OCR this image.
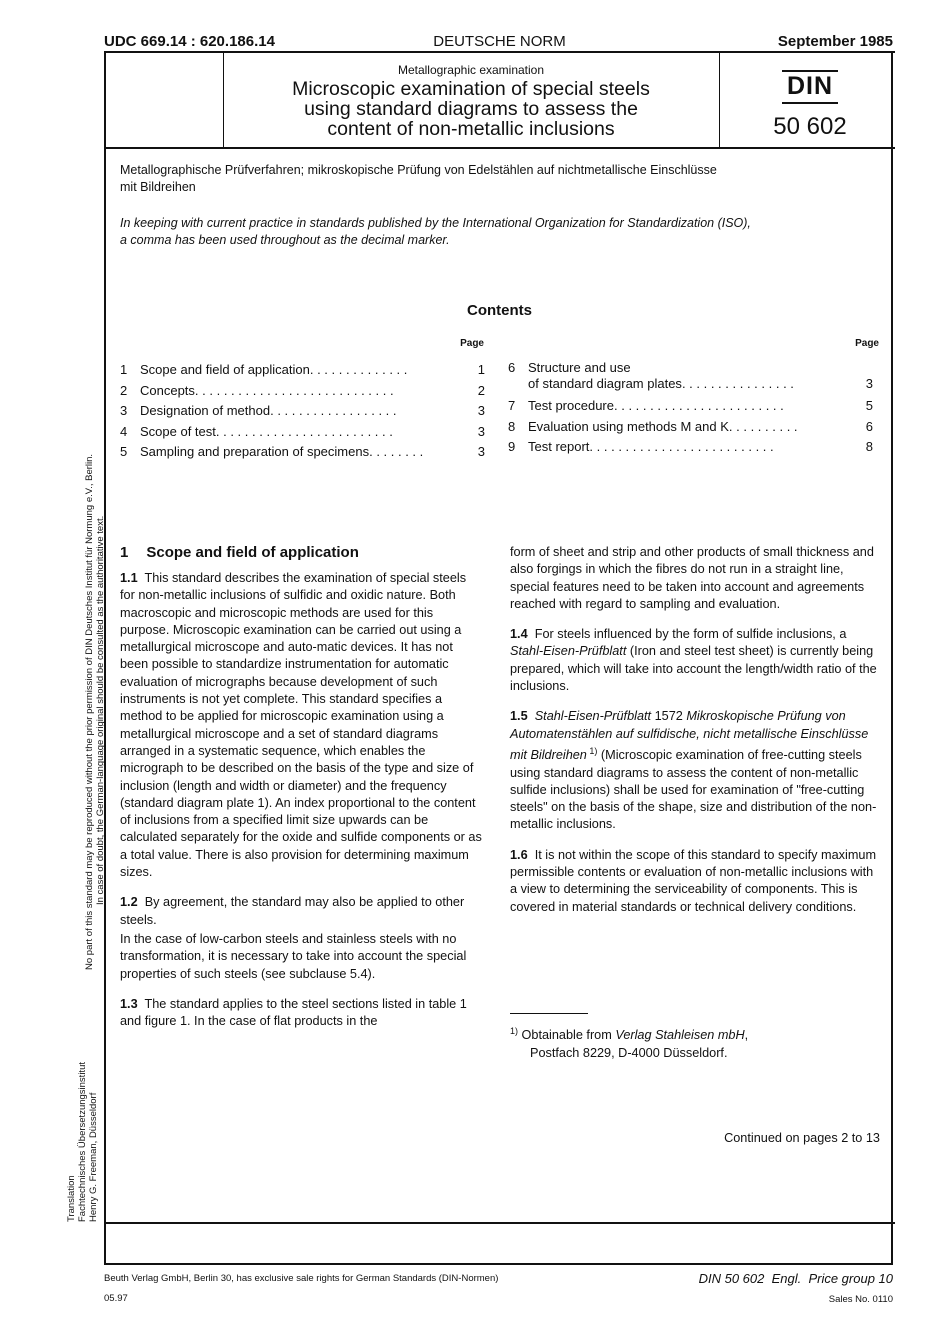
UDC 669.14 : 620.186.14	DEUTSCHE NORM	September 1985
Metallographic examination
Microscopic examination of special steels
using standard diagrams to assess the
content of non-metallic inclusions
DIN
50 602
Metallographische Prüfverfahren; mikroskopische Prüfung von Edelstählen auf nichtmetallische Einschlüsse
mit Bildreihen
In keeping with current practice in standards published by the International Organization for Standardization (ISO),
a comma has been used throughout as the decimal marker.
Contents
Page	Page
1 Scope and field of application . . . . . . . . . . . . . .	1
2 Concepts . . . . . . . . . . . . . . . . . . . . . . . . . . . .	2
3 Designation of method . . . . . . . . . . . . . . . . . .	3
4 Scope of test . . . . . . . . . . . . . . . . . . . . . . . . .	3
5 Sampling and preparation of specimens . . . . . . . .	3
6 Structure and use
of standard diagram plates . . . . . . . . . . . . . . . .	3
7 Test procedure . . . . . . . . . . . . . . . . . . . . . . . .	5
8 Evaluation using methods M and K . . . . . . . . . .	6
9 Test report . . . . . . . . . . . . . . . . . . . . . . . . . .	8
1 Scope and field of application

1.1 This standard describes the examination of special steels for non-metallic inclusions of sulfidic and oxidic nature. Both macroscopic and microscopic methods are used for this purpose. Microscopic examination can be carried out using a metallurgical microscope and auto-matic devices. It has not been possible to standardize instrumentation for automatic evaluation of micrographs because development of such instruments is not yet complete. This standard specifies a method to be applied for microscopic examination using a metallurgical microscope and a set of standard diagrams arranged in a systematic sequence, which enables the micrograph to be described on the basis of the type and size of inclusion (length and width or diameter) and the frequency (standard diagram plate 1). An index proportional to the content of inclusions from a specified limit size upwards can be calculated separately for the oxide and sulfide components or as a total value. There is also provision for determining maximum sizes.

1.2 By agreement, the standard may also be applied to other steels.

In the case of low-carbon steels and stainless steels with no transformation, it is necessary to take into account the special properties of such steels (see subclause 5.4).

1.3 The standard applies to the steel sections listed in table 1 and figure 1. In the case of flat products in the

form of sheet and strip and other products of small thickness and also forgings in which the fibres do not run in a straight line, special features need to be taken into account and agreements reached with regard to sampling and evaluation.

1.4 For steels influenced by the form of sulfide inclusions, a Stahl-Eisen-Prüfblatt (Iron and steel test sheet) is currently being prepared, which will take into account the length/width ratio of the inclusions.

1.5 Stahl-Eisen-Prüfblatt 1572 Mikroskopische Prüfung von Automatenstählen auf sulfidische, nicht metallische Einschlüsse mit Bildreihen $^{1)}$ (Microscopic examination of free-cutting steels using standard diagrams to assess the content of non-metallic sulfide inclusions) shall be used for examination of "free-cutting steels" on the basis of the shape, size and distribution of the non-metallic inclusions.

1.6 It is not within the scope of this standard to specify maximum permissible contents or evaluation of non-metallic inclusions with a view to determining the serviceability of components. This is covered in material standards or technical delivery conditions.

$^{1)}$ Obtainable from Verlag Stahleisen mbH,
Postfach 8229, D-4000 Düsseldorf.
Continued on pages 2 to 13
No part of this standard may be reproduced without the prior permission of DIN Deutsches Institut für Normung e.V., Berlin. In case of doubt, the German-language original should be consulted as the authoritative text.
Translation Fachtechnisches Übersetzungsinstitut Henry G. Freeman, Düsseldorf
Beuth Verlag GmbH, Berlin 30, has exclusive sale rights for German Standards (DIN-Normen)
05.97
DIN 50 602  Engl.  Price group 10
Sales No. 0110
